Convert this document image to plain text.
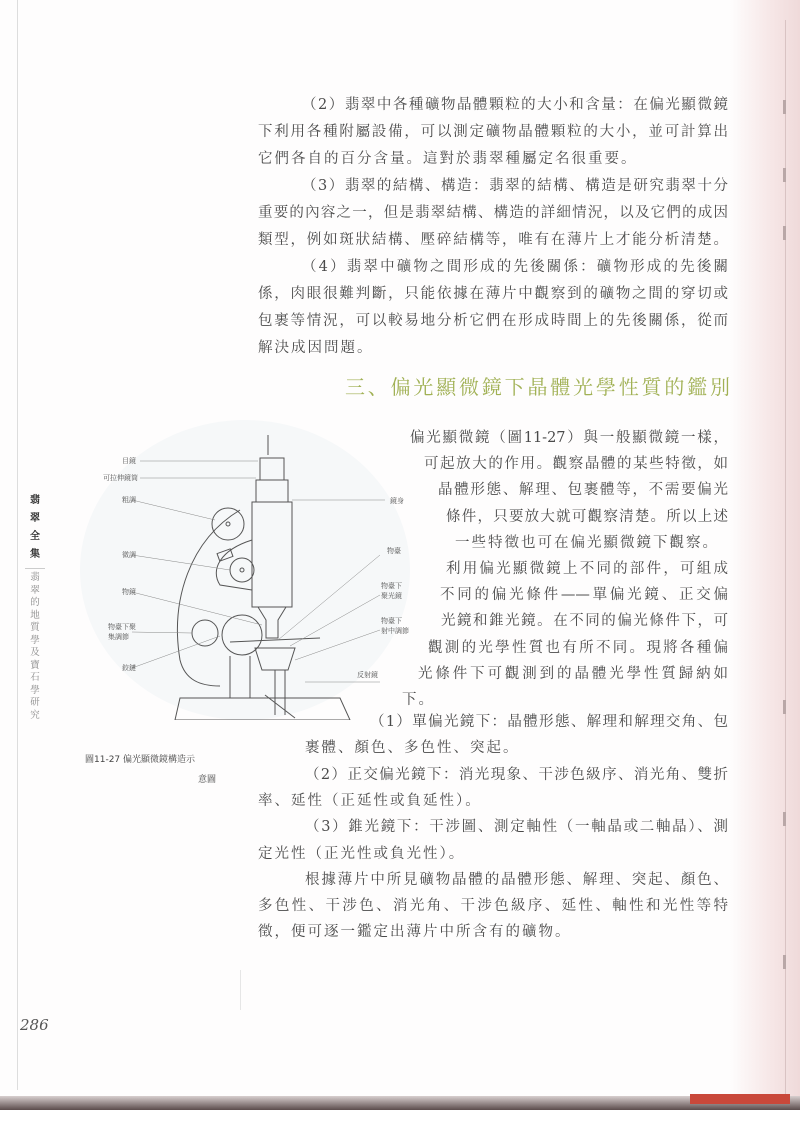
翡
翠
全
集
翡
翠
的
地
質
學
及
寶
石
學
研
究
（2）翡翠中各種礦物晶體顆粒的大小和含量：在偏光顯微鏡
下利用各種附屬設備，可以測定礦物晶體顆粒的大小，並可計算出
它們各自的百分含量。這對於翡翠種屬定名很重要。
（3）翡翠的結構、構造：翡翠的結構、構造是研究翡翠十分
重要的內容之一，但是翡翠結構、構造的詳細情況，以及它們的成因
類型，例如斑狀結構、壓碎結構等，唯有在薄片上才能分析清楚。
（4）翡翠中礦物之間形成的先後關係：礦物形成的先後關
係，肉眼很難判斷，只能依據在薄片中觀察到的礦物之間的穿切或
包裹等情況，可以較易地分析它們在形成時間上的先後關係，從而
解決成因問題。
三、偏光顯微鏡下晶體光學性質的鑑別
偏光顯微鏡（圖11-27）與一般顯微鏡一樣，
可起放大的作用。觀察晶體的某些特徵，如
晶體形態、解理、包裹體等，不需要偏光
條件，只要放大就可觀察清楚。所以上述
一些特徵也可在偏光顯微鏡下觀察。
利用偏光顯微鏡上不同的部件，可組成
不同的偏光條件——單偏光鏡、正交偏
光鏡和錐光鏡。在不同的偏光條件下，可
觀測的光學性質也有所不同。現將各種偏
光條件下可觀測到的晶體光學性質歸納如
下。
（1）單偏光鏡下：晶體形態、解理和解理交角、包
裹體、顏色、多色性、突起。
（2）正交偏光鏡下：消光現象、干涉色級序、消光角、雙折
率、延性（正延性或負延性）。
（3）錐光鏡下：干涉圖、測定軸性（一軸晶或二軸晶）、測
定光性（正光性或負光性）。
根據薄片中所見礦物晶體的晶體形態、解理、突起、顏色、
多色性、干涉色、消光角、干涉色級序、延性、軸性和光性等特
徵，便可逐一鑑定出薄片中所含有的礦物。
目鏡
可拉伸鏡筒
粗調
微調
物鏡
物臺下聚
集調節
鉸鏈
鏡身
物臺
物臺下
聚光鏡
物臺下
射中調節
反射鏡
圖11-27 偏光顯微鏡構造示
意圖
286
